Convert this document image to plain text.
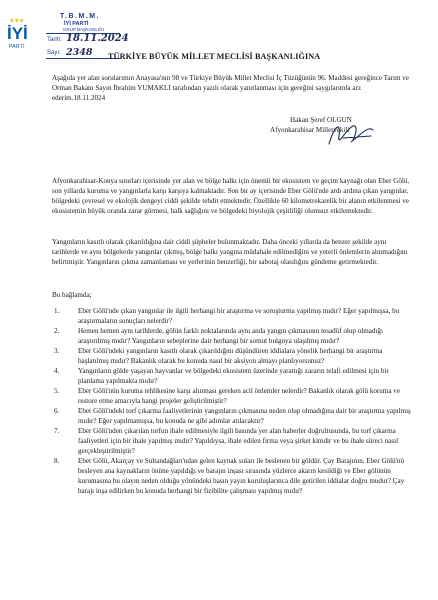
✶✶✶
İYİ
PARTİ
T.B.M.M.
İYİ PARTİ
GRUP BAŞKANLIĞI
Tarih: 18.11.2024
Sayı: 2348 TÜRKİYE BÜYÜK MİLLET MECLİSİ BAŞKANLIĞINA
Aşağıda yer alan sorularımın Anayasa'nın 98 ve Türkiye Büyük Millet Meclisi İç Tüzüğünün 96. Maddesi gereğince Tarım ve Orman Bakanı Sayın İbrahim YUMAKLI tarafından yazılı olarak yanıtlanması için gereğini saygılarımla arz ederim.18.11.2024
Hakan Şeref OLGUN
Afyonkarahisar Milletvekili
Afyonkarahisar-Konya sınırları içerisinde yer alan ve bölge halkı için önemli bir ekosistem ve geçim kaynağı olan Eber Gölü, son yıllarda kuruma ve yangınlarla karşı karşıya kalmaktadır. Son bir ay içerisinde Eber Gölü'nde ardı ardına çıkan yangınlar, bölgedeki çevresel ve ekolojik dengeyi ciddi şekilde tehdit etmektedir. Özellikle 60 kilometrekarelik bir alanın etkilenmesi ve ekosistemin büyük oranda zarar görmesi, halk sağlığını ve bölgedeki biyolojik çeşitliliği olumsuz etkilemektedir.
Yangınların kasıtlı olarak çıkarıldığına dair ciddi şüpheler bulunmaktadır. Daha önceki yıllarda da benzer şekilde aynı tarihlerde ve aynı bölgelerde yangınlar çıkmış, bölge halkı yangına müdahale edilmediğini ve yeterli önlemlerin alınmadığını belirtmiştir. Yangınların çıkma zamanlaması ve yerlerinin benzerliği, bir sabotaj olasılığını gündeme getirmektedir.
Bu bağlamda;
1.	Eber Gölü'nde çıkan yangınlar ile ilgili herhangi bir araştırma ve soruşturma yapılmış mıdır? Eğer yapılmışsa, bu araştırmaların sonuçları nelerdir?
2.	Hemen hemen aynı tarihlerde, gölün farklı noktalarında aynı anda yangın çıkmasının tesadüf olup olmadığı araştırılmış mıdır? Yangınların sebeplerine dair herhangi bir somut bulguya ulaşılmış mıdır?
3.	Eber Gölü'ndeki yangınların kasıtlı olarak çıkarıldığını düşündüren iddialara yönelik herhangi bir araştırma başlatılmış mıdır? Bakanlık olarak bu konuda nasıl bir aksiyon almayı planlıyorsunuz?
4.	Yangınların gölde yaşayan hayvanlar ve bölgedeki ekosistem üzerinde yarattığı zararın telafi edilmesi için bir planlama yapılmakta mıdır?
5.	Eber Gölü'nün kuruma tehlikesine karşı alınması gereken acil önlemler nelerdir? Bakanlık olarak gölü koruma ve restore etme amacıyla hangi projeler geliştirilmiştir?
6.	Eber Gölü'ndeki torf çıkarma faaliyetlerinin yangınların çıkmasına neden olup olmadığına dair bir araştırma yapılmış mıdır? Eğer yapılmamışsa, bu konuda ne gibi adımlar atılacaktır?
7.	Eber Gölü'nden çıkarılan torfun ihale edilmesiyle ilgili basında yer alan haberler doğrultusunda, bu torf çıkarma faaliyetleri için bir ihale yapılmış mıdır? Yapıldıysa, ihale edilen firma veya şirket kimdir ve bu ihale süreci nasıl gerçekleştirilmiştir?
8.	Eber Gölü, Akarçay ve Sultandağları'ndan gelen kaynak suları ile beslenen bir göldür. Çay Barajının, Eber Gölü'nü besleyen ana kaynakların önüne yapıldığı ve barajın inşası sırasında yüzlerce akarın kesildiği ve Eber gölünün kurumasına bu olayın neden olduğu yönündeki basın yayın kuruluşlarınca dile getirilen iddialar doğru mudur? Çay barajı inşa edilirken bu konuda herhangi bir fizibilite çalışması yapılmış mıdır?
